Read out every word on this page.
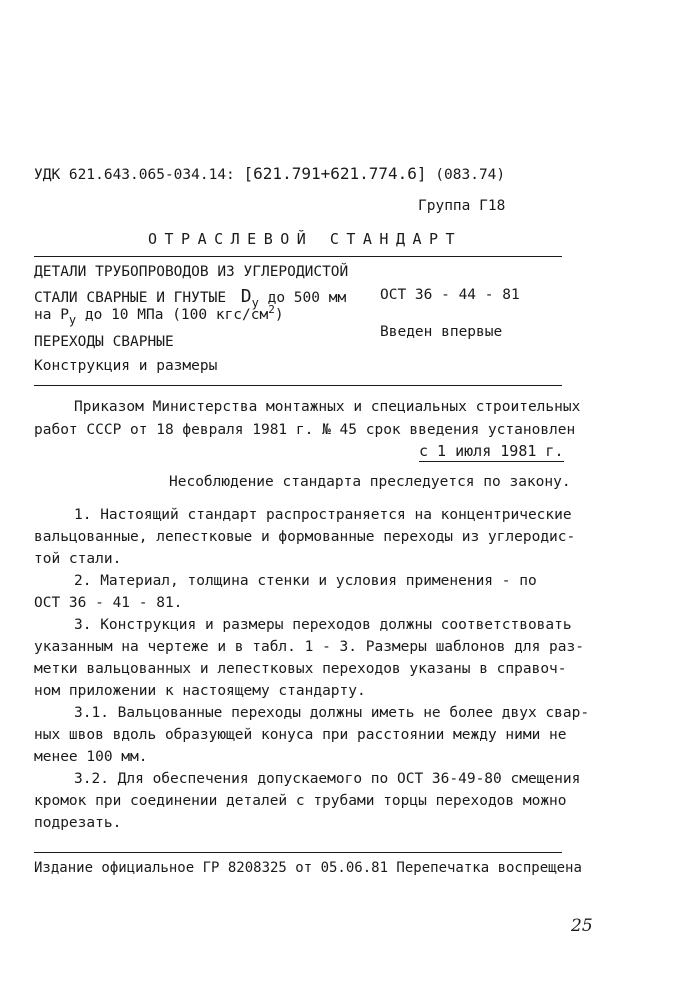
УДК 621.643.065-034.14: [621.791+621.774.6] (083.74)
Группа Г18
ОТРАСЛЕВОЙ СТАНДАРТ
ДЕТАЛИ ТРУБОПРОВОДОВ ИЗ УГЛЕРОДИСТОЙ
СТАЛИ СВАРНЫЕ И ГНУТЫЕ $D_у$ до 500 мм
на $P_у$ до 10 МПа (100 кгс/$см^2$)
ПЕРЕХОДЫ СВАРНЫЕ
Конструкция и размеры
ОСТ 36 - 44 - 81
Введен впервые
Приказом Министерства монтажных и специальных строительных
работ СССР от 18 февраля 1981 г. № 45 срок введения установлен
с 1 июля 1981 г.
Несоблюдение стандарта преследуется по закону.
1. Настоящий стандарт распространяется на концентрические
вальцованные, лепестковые и формованные переходы из углеродис-
той стали.
2. Материал, толщина стенки и условия применения - по
ОСТ 36 - 41 - 81.
3. Конструкция и размеры переходов должны соответствовать
указанным на чертеже и в табл. 1 - 3. Размеры шаблонов для раз-
метки вальцованных и лепестковых переходов указаны в справоч-
ном приложении к настоящему стандарту.
3.1. Вальцованные переходы должны иметь не более двух свар-
ных швов вдоль образующей конуса при расстоянии между ними не
менее 100 мм.
3.2. Для обеспечения допускаемого по ОСТ 36-49-80 смещения
кромок при соединении деталей с трубами торцы переходов можно
подрезать.
Издание официальное ГР 8208325 от 05.06.81 Перепечатка воспрещена
25
